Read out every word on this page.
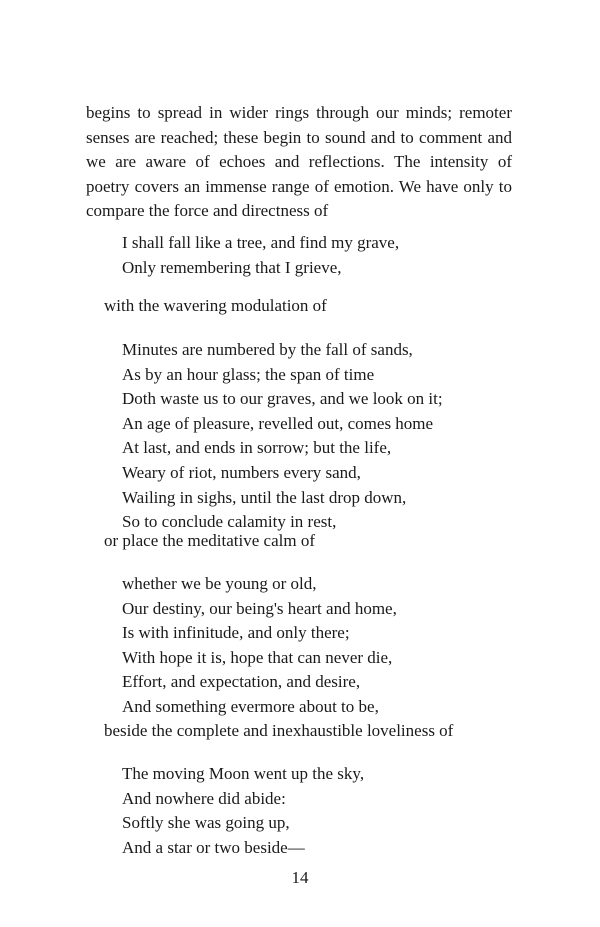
begins to spread in wider rings through our minds; remoter senses are reached; these begin to sound and to comment and we are aware of echoes and reflections. The intensity of poetry covers an immense range of emotion. We have only to compare the force and directness of

I shall fall like a tree, and find my grave,
Only remembering that I grieve,

with the wavering modulation of

Minutes are numbered by the fall of sands,
As by an hour glass; the span of time
Doth waste us to our graves, and we look on it;
An age of pleasure, revelled out, comes home
At last, and ends in sorrow; but the life,
Weary of riot, numbers every sand,
Wailing in sighs, until the last drop down,
So to conclude calamity in rest,

or place the meditative calm of

whether we be young or old,
Our destiny, our being's heart and home,
Is with infinitude, and only there;
With hope it is, hope that can never die,
Effort, and expectation, and desire,
And something evermore about to be,

beside the complete and inexhaustible loveliness of

The moving Moon went up the sky,
And nowhere did abide:
Softly she was going up,
And a star or two beside—

14
